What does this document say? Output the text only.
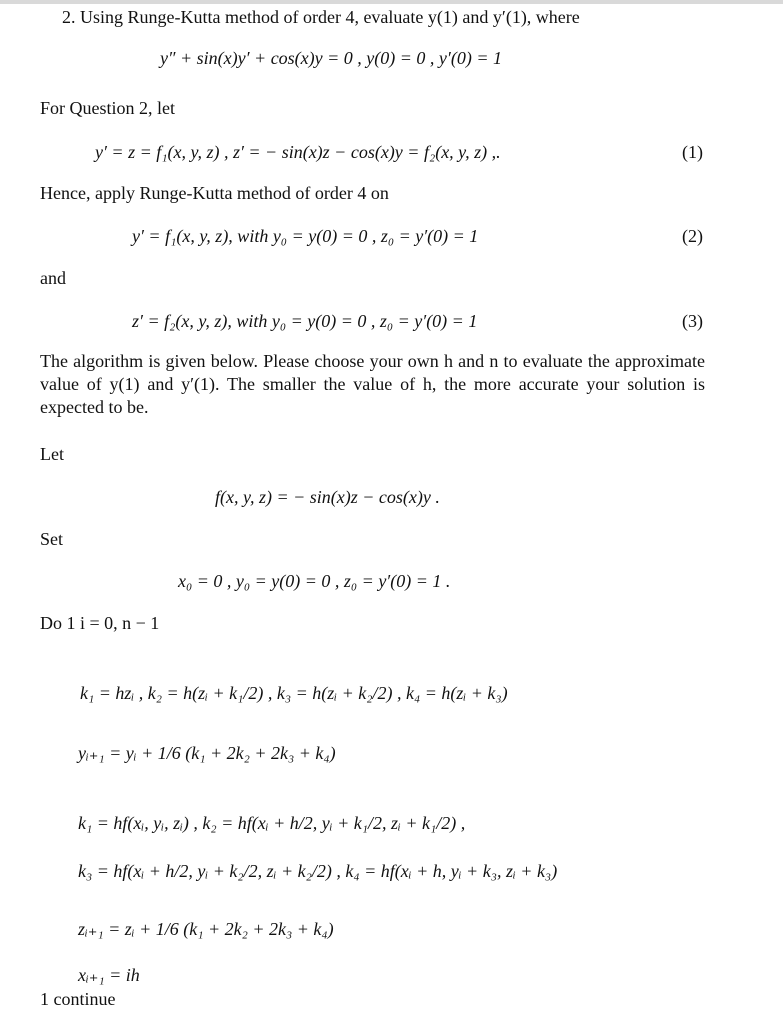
2. Using Runge-Kutta method of order 4, evaluate y(1) and y′(1), where
y″ + sin(x)y′ + cos(x)y = 0 , y(0) = 0 , y′(0) = 1
For Question 2, let
y′ = z = f₁(x, y, z) , z′ = − sin(x)z − cos(x)y = f₂(x, y, z) ,.	(1)
Hence, apply Runge-Kutta method of order 4 on
y′ = f₁(x, y, z), with y₀ = y(0) = 0 , z₀ = y′(0) = 1	(2)
and
z′ = f₂(x, y, z), with y₀ = y(0) = 0 , z₀ = y′(0) = 1	(3)
The algorithm is given below. Please choose your own h and n to evaluate the approximate value of y(1) and y′(1). The smaller the value of h, the more accurate your solution is expected to be.
Let
f(x, y, z) = − sin(x)z − cos(x)y .
Set
x₀ = 0 , y₀ = y(0) = 0 , z₀ = y′(0) = 1 .
Do 1 i = 0, n − 1
k₁ = hzᵢ , k₂ = h(zᵢ + k₁/2) , k₃ = h(zᵢ + k₂/2) , k₄ = h(zᵢ + k₃)
yᵢ₊₁ = yᵢ + 1/6 (k₁ + 2k₂ + 2k₃ + k₄)
k₁ = hf(xᵢ, yᵢ, zᵢ) , k₂ = hf(xᵢ + h/2, yᵢ + k₁/2, zᵢ + k₁/2) ,
k₃ = hf(xᵢ + h/2, yᵢ + k₂/2, zᵢ + k₂/2) , k₄ = hf(xᵢ + h, yᵢ + k₃, zᵢ + k₃)
zᵢ₊₁ = zᵢ + 1/6 (k₁ + 2k₂ + 2k₃ + k₄)
xᵢ₊₁ = ih
1 continue
